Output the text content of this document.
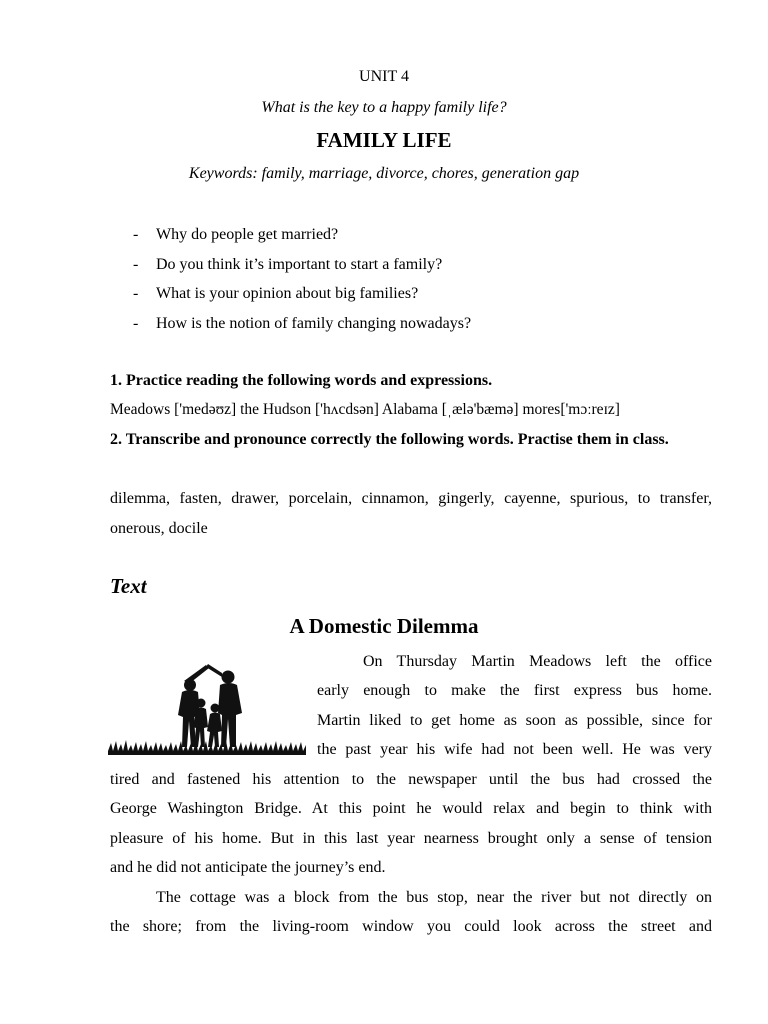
UNIT 4
What is the key to a happy family life?
FAMILY LIFE
Keywords: family, marriage, divorce, chores, generation gap
- Why do people get married?
- Do you think it’s important to start a family?
- What is your opinion about big families?
- How is the notion of family changing nowadays?
1. Practice reading the following words and expressions.
Meadows ['medəʊz] the Hudson ['hʌcdsən] Alabama [ˌælə'bæmə] mores['mɔːreɪz]
2. Transcribe and pronounce correctly the following words. Practise them in class.
dilemma, fasten, drawer, porcelain, cinnamon, gingerly, cayenne, spurious, to transfer, onerous, docile
Text
A Domestic Dilemma
On Thursday Martin Meadows left the office
early enough to make the first express bus home.
Martin liked to get home as soon as possible, since for
the past year his wife had not been well. He was very
tired and fastened his attention to the newspaper until the bus had crossed the
George Washington Bridge. At this point he would relax and begin to think with
pleasure of his home. But in this last year nearness brought only a sense of tension
and he did not anticipate the journey’s end.
The cottage was a block from the bus stop, near the river but not directly on
the shore; from the living-room window you could look across the street and
